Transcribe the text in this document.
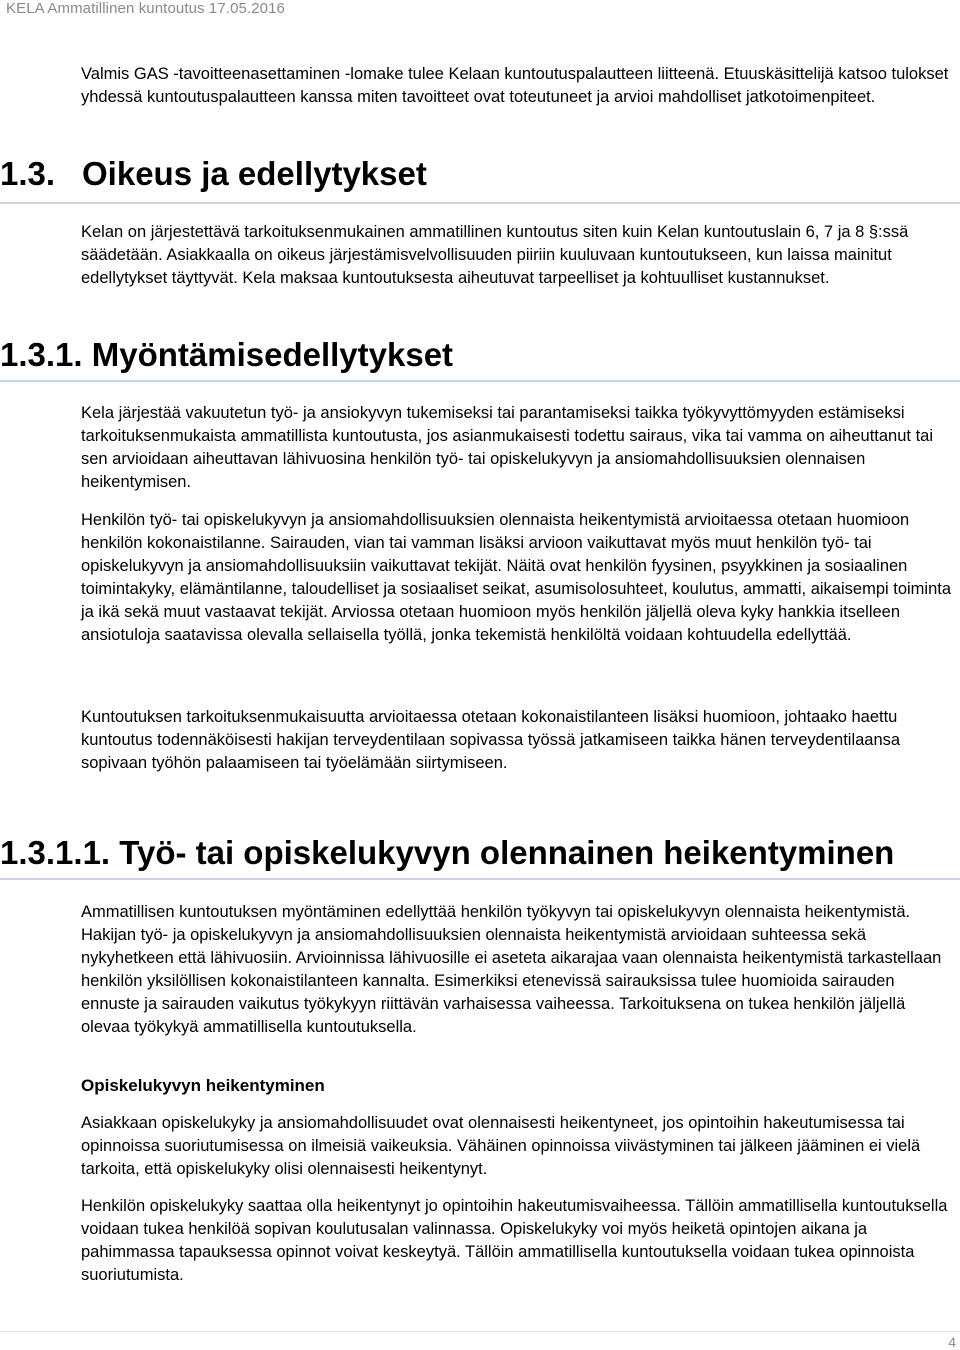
KELA Ammatillinen kuntoutus 17.05.2016

Valmis GAS -tavoitteenasettaminen -lomake tulee Kelaan kuntoutuspalautteen liitteenä. Etuuskäsittelijä katsoo tulokset yhdessä kuntoutuspalautteen kanssa miten tavoitteet ovat toteutuneet ja arvioi mahdolliset jatkotoimenpiteet.

1.3. Oikeus ja edellytykset

Kelan on järjestettävä tarkoituksenmukainen ammatillinen kuntoutus siten kuin Kelan kuntoutuslain 6, 7 ja 8 §:ssä säädetään. Asiakkaalla on oikeus järjestämisvelvollisuuden piiriin kuuluvaan kuntoutukseen, kun laissa mainitut edellytykset täyttyvät. Kela maksaa kuntoutuksesta aiheutuvat tarpeelliset ja kohtuulliset kustannukset.

1.3.1. Myöntämisedellytykset

Kela järjestää vakuutetun työ- ja ansiokyvyn tukemiseksi tai parantamiseksi taikka työkyvyttömyyden estämiseksi tarkoituksenmukaista ammatillista kuntoutusta, jos asianmukaisesti todettu sairaus, vika tai vamma on aiheuttanut tai sen arvioidaan aiheuttavan lähivuosina henkilön työ- tai opiskelukyvyn ja ansiomahdollisuuksien olennaisen heikentymisen.

Henkilön työ- tai opiskelukyvyn ja ansiomahdollisuuksien olennaista heikentymistä arvioitaessa otetaan huomioon henkilön kokonaistilanne. Sairauden, vian tai vamman lisäksi arvioon vaikuttavat myös muut henkilön työ- tai opiskelukyvyn ja ansiomahdollisuuksiin vaikuttavat tekijät. Näitä ovat henkilön fyysinen, psyykkinen ja sosiaalinen toimintakyky, elämäntilanne, taloudelliset ja sosiaaliset seikat, asumisolosuhteet, koulutus, ammatti, aikaisempi toiminta ja ikä sekä muut vastaavat tekijät. Arviossa otetaan huomioon myös henkilön jäljellä oleva kyky hankkia itselleen ansiotuloja saatavissa olevalla sellaisella työllä, jonka tekemistä henkilöltä voidaan kohtuudella edellyttää.

Kuntoutuksen tarkoituksenmukaisuutta arvioitaessa otetaan kokonaistilanteen lisäksi huomioon, johtaako haettu kuntoutus todennäköisesti hakijan terveydentilaan sopivassa työssä jatkamiseen taikka hänen terveydentilaansa sopivaan työhön palaamiseen tai työelämään siirtymiseen.

1.3.1.1. Työ- tai opiskelukyvyn olennainen heikentyminen

Ammatillisen kuntoutuksen myöntäminen edellyttää henkilön työkyvyn tai opiskelukyvyn olennaista heikentymistä. Hakijan työ- ja opiskelukyvyn ja ansiomahdollisuuksien olennaista heikentymistä arvioidaan suhteessa sekä nykyhetkeen että lähivuosiin. Arvioinnissa lähivuosille ei aseteta aikarajaa vaan olennaista heikentymistä tarkastellaan henkilön yksilöllisen kokonaistilanteen kannalta. Esimerkiksi etenevissä sairauksissa tulee huomioida sairauden ennuste ja sairauden vaikutus työkykyyn riittävän varhaisessa vaiheessa. Tarkoituksena on tukea henkilön jäljellä olevaa työkykyä ammatillisella kuntoutuksella.

Opiskelukyvyn heikentyminen

Asiakkaan opiskelukyky ja ansiomahdollisuudet ovat olennaisesti heikentyneet, jos opintoihin hakeutumisessa tai opinnoissa suoriutumisessa on ilmeisiä vaikeuksia. Vähäinen opinnoissa viivästyminen tai jälkeen jääminen ei vielä tarkoita, että opiskelukyky olisi olennaisesti heikentynyt.

Henkilön opiskelukyky saattaa olla heikentynyt jo opintoihin hakeutumisvaiheessa. Tällöin ammatillisella kuntoutuksella voidaan tukea henkilöä sopivan koulutusalan valinnassa. Opiskelukyky voi myös heiketä opintojen aikana ja pahimmassa tapauksessa opinnot voivat keskeytyä. Tällöin ammatillisella kuntoutuksella voidaan tukea opinnoista suoriutumista.

4
